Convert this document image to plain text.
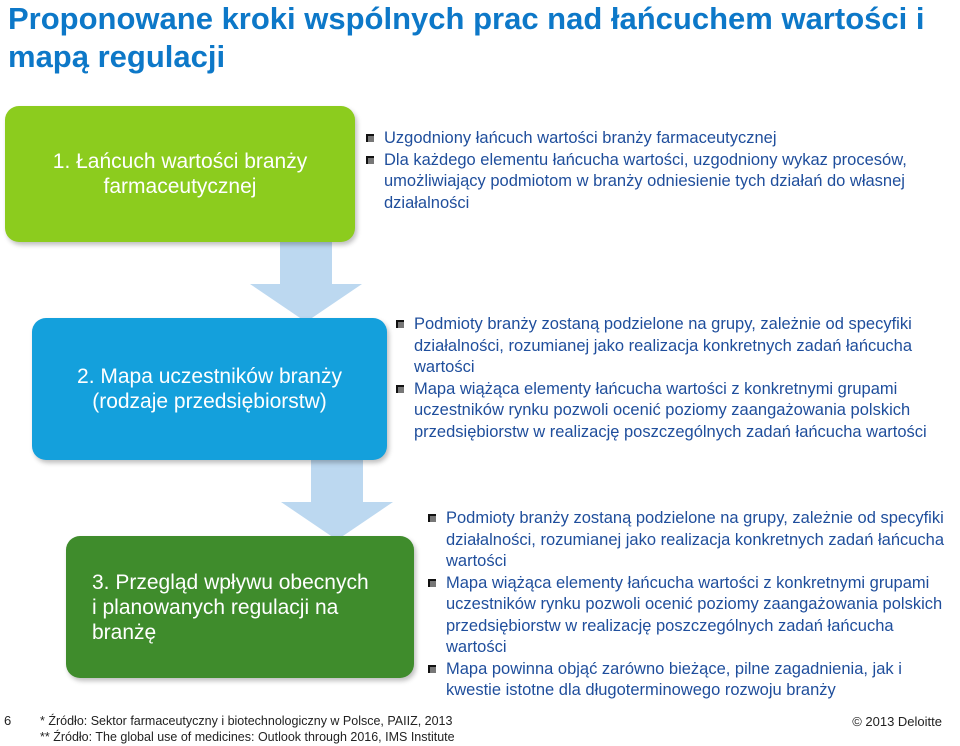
Proponowane kroki wspólnych prac nad łańcuchem wartości i mapą regulacji
1. Łańcuch wartości branży
farmaceutycznej
Uzgodniony łańcuch wartości branży farmaceutycznej
Dla każdego elementu łańcucha wartości, uzgodniony wykaz procesów, umożliwiający podmiotom w branży odniesienie tych działań do własnej działalności
2. Mapa uczestników branży
(rodzaje przedsiębiorstw)
Podmioty branży zostaną podzielone na grupy, zależnie od specyfiki działalności, rozumianej jako realizacja konkretnych zadań łańcucha wartości
Mapa wiążąca elementy łańcucha wartości z konkretnymi grupami uczestników rynku pozwoli ocenić poziomy zaangażowania polskich przedsiębiorstw w realizację poszczególnych zadań łańcucha wartości
3. Przegląd wpływu obecnych
i planowanych regulacji na
branżę
Podmioty branży zostaną podzielone na grupy, zależnie od specyfiki działalności, rozumianej jako realizacja konkretnych zadań łańcucha wartości
Mapa wiążąca elementy łańcucha wartości z konkretnymi grupami uczestników rynku pozwoli ocenić poziomy zaangażowania polskich przedsiębiorstw w realizację poszczególnych zadań łańcucha wartości
Mapa powinna objąć zarówno bieżące, pilne zagadnienia, jak i kwestie istotne dla długoterminowego rozwoju branży
6 * Źródło: Sektor farmaceutyczny i biotechnologiczny w Polsce, PAIIZ, 2013
** Źródło: The global use of medicines: Outlook through 2016, IMS Institute
© 2013 Deloitte
